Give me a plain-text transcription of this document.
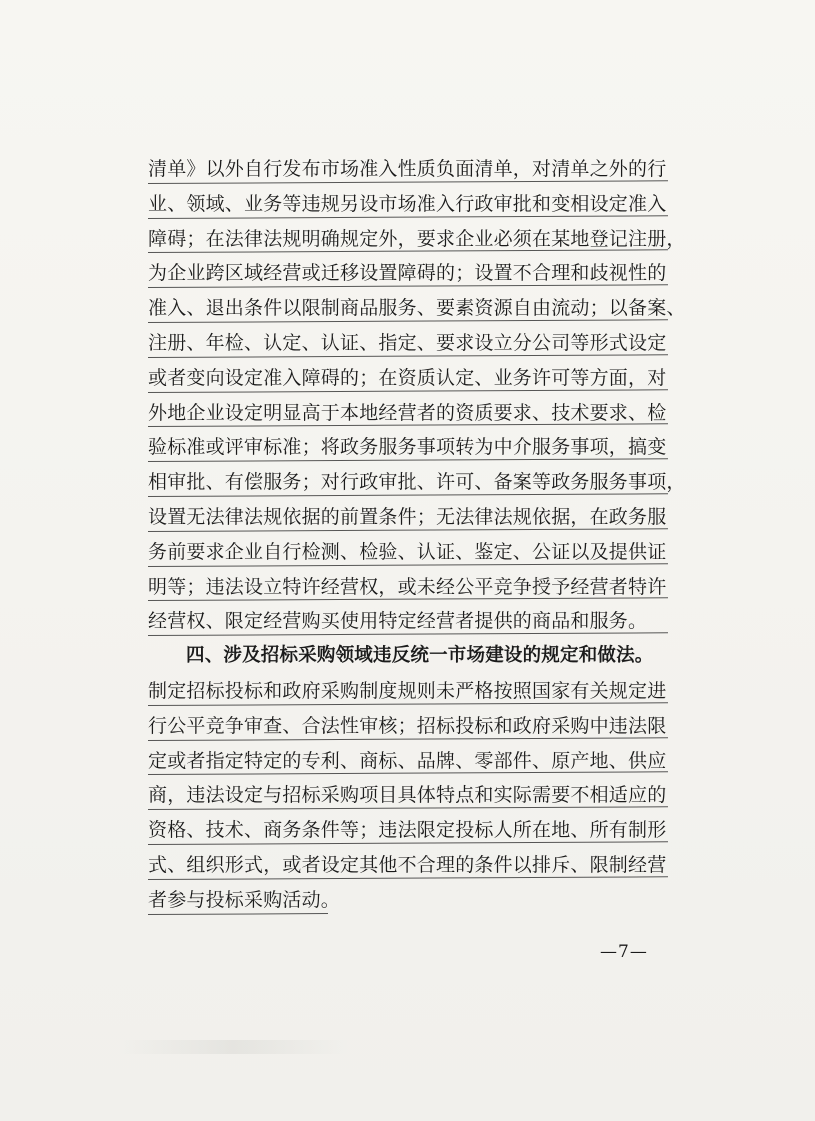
清单》以外自行发布市场准入性质负面清单，对清单之外的行
业、领域、业务等违规另设市场准入行政审批和变相设定准入
障碍；在法律法规明确规定外，要求企业必须在某地登记注册，
为企业跨区域经营或迁移设置障碍的；设置不合理和歧视性的
准入、退出条件以限制商品服务、要素资源自由流动；以备案、
注册、年检、认定、认证、指定、要求设立分公司等形式设定
或者变向设定准入障碍的；在资质认定、业务许可等方面，对
外地企业设定明显高于本地经营者的资质要求、技术要求、检
验标准或评审标准；将政务服务事项转为中介服务事项，搞变
相审批、有偿服务；对行政审批、许可、备案等政务服务事项，
设置无法律法规依据的前置条件；无法律法规依据，在政务服
务前要求企业自行检测、检验、认证、鉴定、公证以及提供证
明等；违法设立特许经营权，或未经公平竞争授予经营者特许
经营权、限定经营购买使用特定经营者提供的商品和服务。
四、涉及招标采购领域违反统一市场建设的规定和做法。
制定招标投标和政府采购制度规则未严格按照国家有关规定进
行公平竞争审查、合法性审核；招标投标和政府采购中违法限
定或者指定特定的专利、商标、品牌、零部件、原产地、供应
商，违法设定与招标采购项目具体特点和实际需要不相适应的
资格、技术、商务条件等；违法限定投标人所在地、所有制形
式、组织形式，或者设定其他不合理的条件以排斥、限制经营
者参与投标采购活动。
—7—
